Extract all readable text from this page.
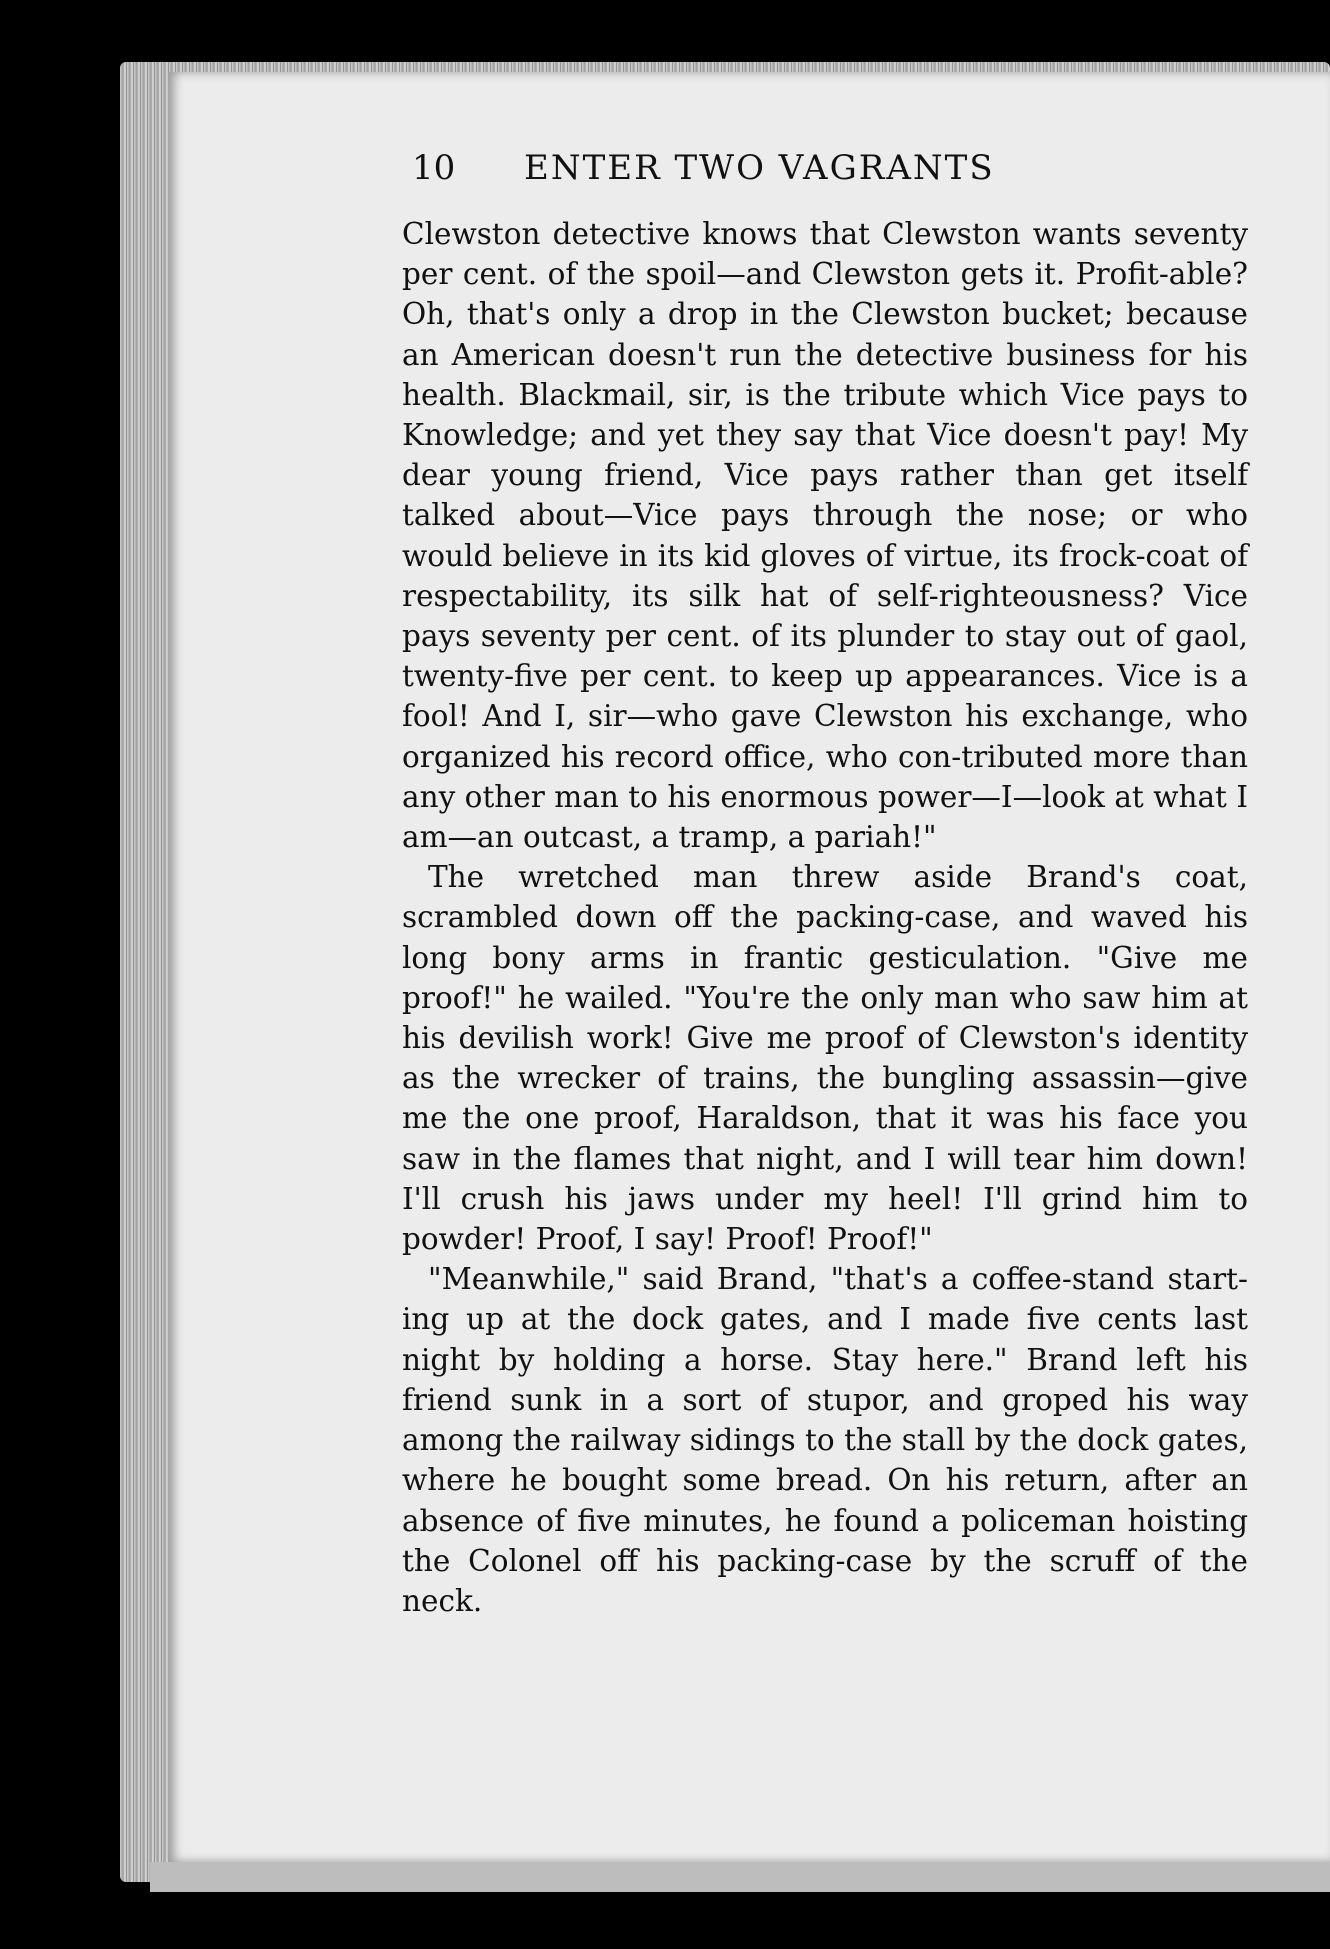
10 ENTER TWO VAGRANTS

Clewston detective knows that Clewston wants seventy per cent. of the spoil—and Clewston gets it. Profit-able? Oh, that's only a drop in the Clewston bucket; because an American doesn't run the detective business for his health. Blackmail, sir, is the tribute which Vice pays to Knowledge; and yet they say that Vice doesn't pay! My dear young friend, Vice pays rather than get itself talked about—Vice pays through the nose; or who would believe in its kid gloves of virtue, its frock-coat of respectability, its silk hat of self-righteousness? Vice pays seventy per cent. of its plunder to stay out of gaol, twenty-five per cent. to keep up appearances. Vice is a fool! And I, sir—who gave Clewston his exchange, who organized his record office, who con-tributed more than any other man to his enormous power—I—look at what I am—an outcast, a tramp, a pariah!"

The wretched man threw aside Brand's coat, scrambled down off the packing-case, and waved his long bony arms in frantic gesticulation. "Give me proof!" he wailed. "You're the only man who saw him at his devilish work! Give me proof of Clewston's identity as the wrecker of trains, the bungling assassin—give me the one proof, Haraldson, that it was his face you saw in the flames that night, and I will tear him down! I'll crush his jaws under my heel! I'll grind him to powder! Proof, I say! Proof! Proof!"

"Meanwhile," said Brand, "that's a coffee-stand start-ing up at the dock gates, and I made five cents last night by holding a horse. Stay here." Brand left his friend sunk in a sort of stupor, and groped his way among the railway sidings to the stall by the dock gates, where he bought some bread. On his return, after an absence of five minutes, he found a policeman hoisting the Colonel off his packing-case by the scruff of the neck.
